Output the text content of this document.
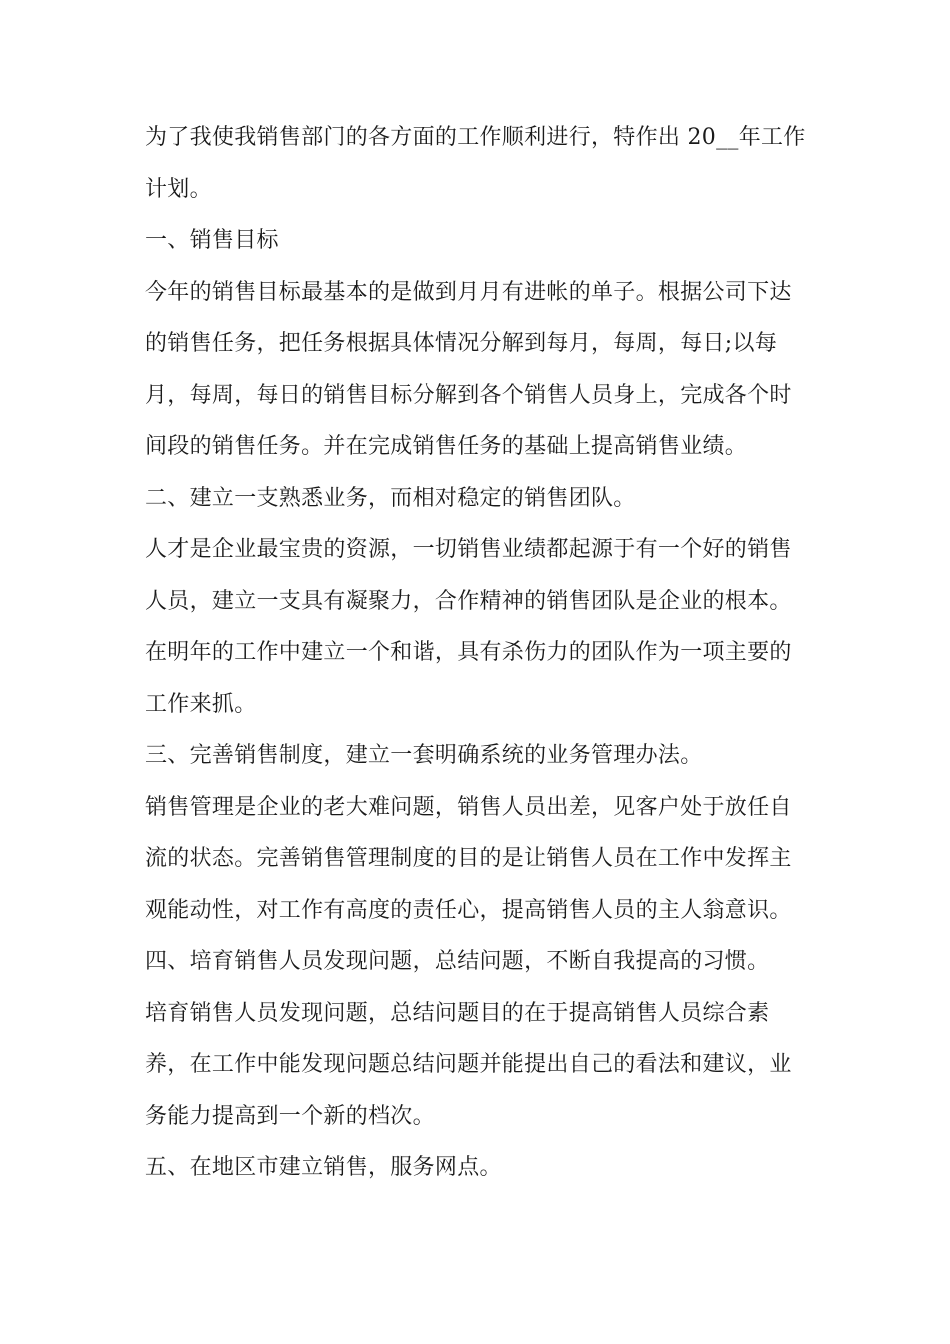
为了我使我销售部门的各方面的工作顺利进行，特作出 20__年工作
计划。
一、销售目标
今年的销售目标最基本的是做到月月有进帐的单子。根据公司下达
的销售任务，把任务根据具体情况分解到每月，每周，每日;以每
月，每周，每日的销售目标分解到各个销售人员身上，完成各个时
间段的销售任务。并在完成销售任务的基础上提高销售业绩。
二、建立一支熟悉业务，而相对稳定的销售团队。
人才是企业最宝贵的资源，一切销售业绩都起源于有一个好的销售
人员，建立一支具有凝聚力，合作精神的销售团队是企业的根本。
在明年的工作中建立一个和谐，具有杀伤力的团队作为一项主要的
工作来抓。
三、完善销售制度，建立一套明确系统的业务管理办法。
销售管理是企业的老大难问题，销售人员出差，见客户处于放任自
流的状态。完善销售管理制度的目的是让销售人员在工作中发挥主
观能动性，对工作有高度的责任心，提高销售人员的主人翁意识。
四、培育销售人员发现问题，总结问题，不断自我提高的习惯。
培育销售人员发现问题，总结问题目的在于提高销售人员综合素
养，在工作中能发现问题总结问题并能提出自己的看法和建议，业
务能力提高到一个新的档次。
五、在地区市建立销售，服务网点。
